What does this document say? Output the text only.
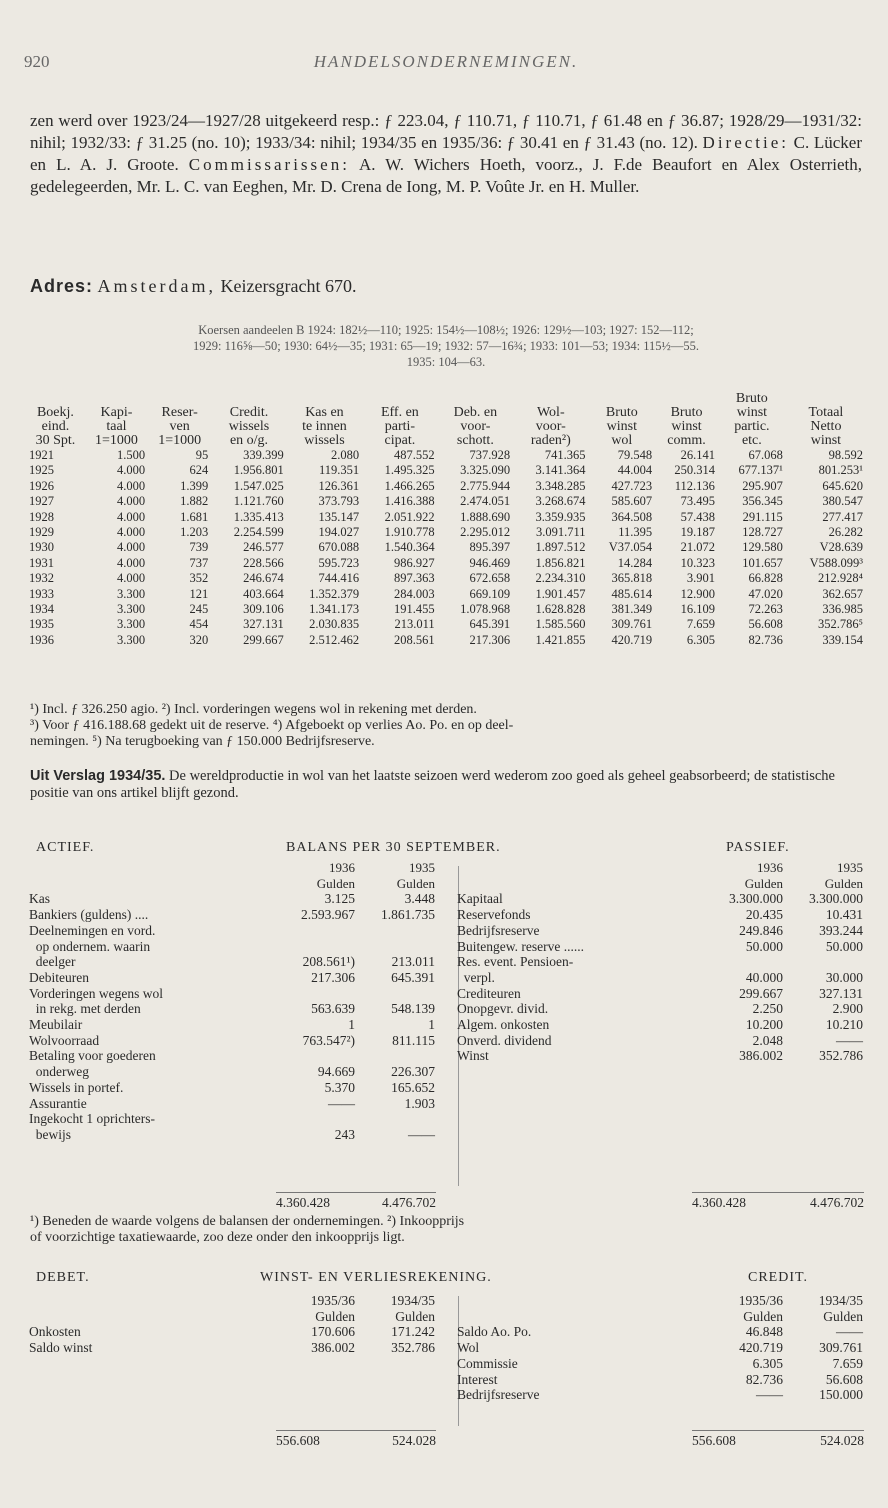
920	HANDELSONDERNEMINGEN.

zen werd over 1923/24—1927/28 uitgekeerd resp.: ƒ 223.04, ƒ 110.71, ƒ 110.71, ƒ 61.48 en ƒ 36.87; 1928/29—1931/32: nihil; 1932/33: ƒ 31.25 (no. 10); 1933/34: nihil; 1934/35 en 1935/36: ƒ 30.41 en ƒ 31.43 (no. 12). Directie: C. Lücker en L. A. J. Groote. Commissarissen: A. W. Wichers Hoeth, voorz., J. F.de Beaufort en Alex Osterrieth, gedelegeerden, Mr. L. C. van Eeghen, Mr. D. Crena de Iong, M. P. Voûte Jr. en H. Muller.

Adres: Amsterdam, Keizersgracht 670.
Koersen aandeelen B 1924: 182½—110; 1925: 154½—108½; 1926: 129½—103; 1927: 152—112;
1929: 116⅝—50; 1930: 64½—35; 1931: 65—19; 1932: 57—16¾; 1933: 101—53; 1934: 115½—55.
1935: 104—63.
										Bruto	
Boekj.	Kapi-	Reser-	Credit.	Kas en	Eff. en	Deb. en	Wol-	Bruto	Bruto	winst	Totaal
eind.	taal	ven	wissels	te innen	parti-	voor-	voor-	winst	winst	partic.	Netto
30 Spt.	1=1000	1=1000	en o/g.	wissels	cipat.	schott.	raden²)	wol	comm.	etc.	winst
1921	1.500	95	339.399	2.080	487.552	737.928	741.365	79.548	26.141	67.068	98.592
1925	4.000	624	1.956.801	119.351	1.495.325	3.325.090	3.141.364	44.004	250.314	677.137¹	801.253¹
1926	4.000	1.399	1.547.025	126.361	1.466.265	2.775.944	3.348.285	427.723	112.136	295.907	645.620
1927	4.000	1.882	1.121.760	373.793	1.416.388	2.474.051	3.268.674	585.607	73.495	356.345	380.547
1928	4.000	1.681	1.335.413	135.147	2.051.922	1.888.690	3.359.935	364.508	57.438	291.115	277.417
1929	4.000	1.203	2.254.599	194.027	1.910.778	2.295.012	3.091.711	11.395	19.187	128.727	26.282
1930	4.000	739	246.577	670.088	1.540.364	895.397	1.897.512	V37.054	21.072	129.580	V28.639
1931	4.000	737	228.566	595.723	986.927	946.469	1.856.821	14.284	10.323	101.657	V588.099³
1932	4.000	352	246.674	744.416	897.363	672.658	2.234.310	365.818	3.901	66.828	212.928⁴
1933	3.300	121	403.664	1.352.379	284.003	669.109	1.901.457	485.614	12.900	47.020	362.657
1934	3.300	245	309.106	1.341.173	191.455	1.078.968	1.628.828	381.349	16.109	72.263	336.985
1935	3.300	454	327.131	2.030.835	213.011	645.391	1.585.560	309.761	7.659	56.608	352.786⁵
1936	3.300	320	299.667	2.512.462	208.561	217.306	1.421.855	420.719	6.305	82.736	339.154

¹) Incl. ƒ 326.250 agio. ²) Incl. vorderingen wegens wol in rekening met derden.

³) Voor ƒ 416.188.68 gedekt uit de reserve. ⁴) Afgeboekt op verlies Ao. Po. en op deel-

nemingen. ⁵) Na terugboeking van ƒ 150.000 Bedrijfsreserve.

Uit Verslag 1934/35. De wereldproductie in wol van het laatste seizoen werd wederom zoo goed als geheel geabsorbeerd; de statistische positie van ons artikel blijft gezond.

ACTIEF.	BALANS PER 30 SEPTEMBER.	PASSIEF.
	1936	1935
	Gulden	Gulden
Kas	3.125	3.448
Bankiers (guldens) ....	2.593.967	1.861.735
Deelnemingen en vord.		
op ondernem. waarin		
deelger	208.561¹)	213.011
Debiteuren	217.306	645.391
Vorderingen wegens wol		
in rekg. met derden	563.639	548.139
Meubilair	1	1
Wolvoorraad	763.547²)	811.115
Betaling voor goederen		
onderweg	94.669	226.307
Wissels in portef.	5.370	165.652
Assurantie	——	1.903
Ingekocht 1 oprichters-		
bewijs	243	——
	1936	1935
	Gulden	Gulden
Kapitaal	3.300.000	3.300.000
Reservefonds	20.435	10.431
Bedrijfsreserve	249.846	393.244
Buitengew. reserve ......	50.000	50.000
Res. event. Pensioen-		
verpl.	40.000	30.000
Crediteuren	299.667	327.131
Onopgevr. divid.	2.250	2.900
Algem. onkosten	10.200	10.210
Onverd. dividend	2.048	——
Winst	386.002	352.786
4.360.428	4.476.702	4.360.428	4.476.702

¹) Beneden de waarde volgens de balansen der ondernemingen. ²) Inkoopprijs

of voorzichtige taxatiewaarde, zoo deze onder den inkoopprijs ligt.

DEBET.	WINST- EN VERLIESREKENING.	CREDIT.
	1935/36	1934/35
	Gulden	Gulden
Onkosten	170.606	171.242
Saldo winst	386.002	352.786
	1935/36	1934/35
	Gulden	Gulden
Saldo Ao. Po.	46.848	——
Wol	420.719	309.761
Commissie	6.305	7.659
Interest	82.736	56.608
Bedrijfsreserve	——	150.000
556.608	524.028	556.608	524.028
